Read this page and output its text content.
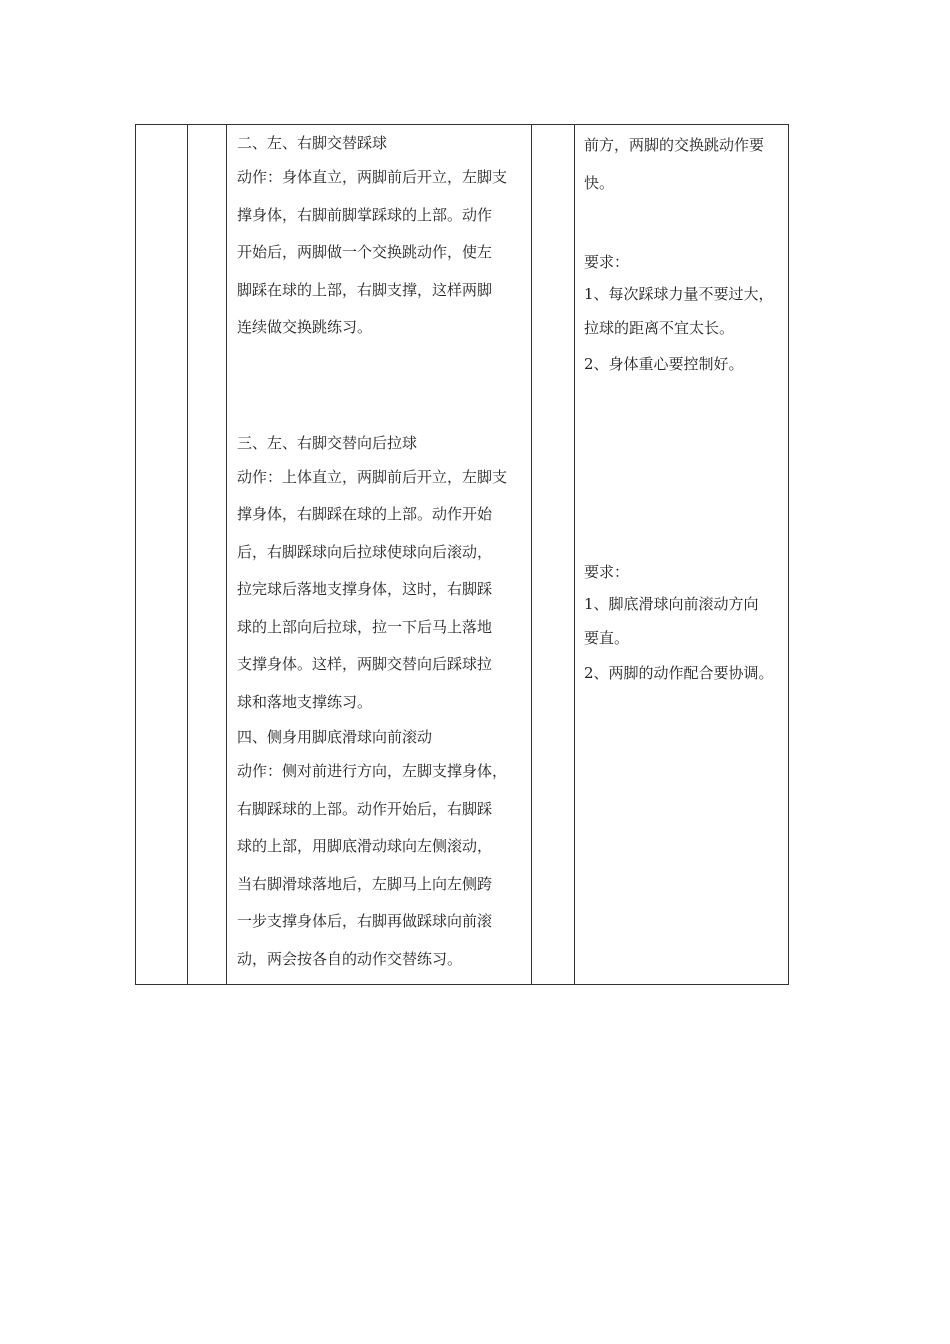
二、左、右脚交替踩球
动作：身体直立，两脚前后开立，左脚支
撑身体，右脚前脚掌踩球的上部。动作
开始后，两脚做一个交换跳动作，使左
脚踩在球的上部，右脚支撑，这样两脚
连续做交换跳练习。
三、左、右脚交替向后拉球
动作：上体直立，两脚前后开立，左脚支
撑身体，右脚踩在球的上部。动作开始
后，右脚踩球向后拉球使球向后滚动，
拉完球后落地支撑身体，这时，右脚踩
球的上部向后拉球，拉一下后马上落地
支撑身体。这样，两脚交替向后踩球拉
球和落地支撑练习。
四、侧身用脚底滑球向前滚动
动作：侧对前进行方向，左脚支撑身体，
右脚踩球的上部。动作开始后，右脚踩
球的上部，用脚底滑动球向左侧滚动，
当右脚滑球落地后，左脚马上向左侧跨
一步支撑身体后，右脚再做踩球向前滚
动，两会按各自的动作交替练习。
前方，两脚的交换跳动作要
快。
要求：
1、每次踩球力量不要过大，
拉球的距离不宜太长。
2、身体重心要控制好。
要求：
1、脚底滑球向前滚动方向
要直。
2、两脚的动作配合要协调。
